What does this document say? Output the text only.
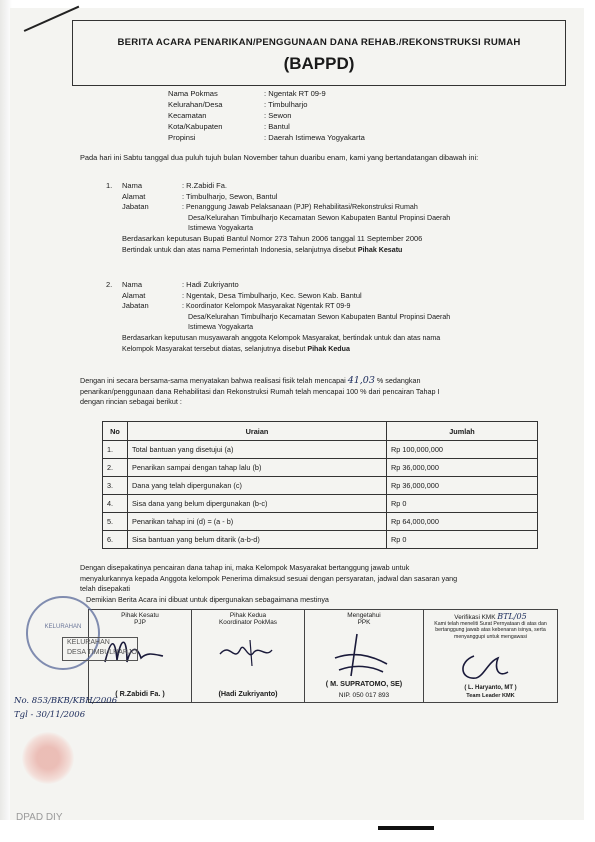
BERITA ACARA PENARIKAN/PENGGUNAAN DANA REHAB./REKONSTRUKSI RUMAH
(BAPPD)
Nama Pokmas	: Ngentak RT 09-9
Kelurahan/Desa	: Timbulharjo
Kecamatan	: Sewon
Kota/Kabupaten	: Bantul
Propinsi	: Daerah Istimewa Yogyakarta
Pada hari ini Sabtu tanggal dua puluh tujuh bulan November tahun duaribu enam, kami yang bertandatangan dibawah ini:
1.	Nama	: R.Zabidi Fa.
Alamat	: Timbulharjo, Sewon, Bantul
Jabatan	: Penanggung Jawab Pelaksanaan (PJP) Rehabilitasi/Rekonstruksi Rumah
Desa/Kelurahan Timbulharjo Kecamatan Sewon Kabupaten Bantul Propinsi Daerah
Istimewa Yogyakarta
Berdasarkan keputusan Bupati Bantul Nomor 273 Tahun 2006 tanggal 11 September 2006
Bertindak untuk dan atas nama Pemerintah Indonesia, selanjutnya disebut
Pihak Kesatu
2.	Nama	: Hadi Zukriyanto
Alamat	: Ngentak, Desa Timbulharjo, Kec. Sewon Kab. Bantul
Jabatan	: Koordinator Kelompok Masyarakat Ngentak RT 09-9
Desa/Kelurahan Timbulharjo Kecamatan Sewon Kabupaten Bantul Propinsi Daerah
Istimewa Yogyakarta
Berdasarkan keputusan musyawarah anggota Kelompok Masyarakat, bertindak untuk dan atas nama
Kelompok Masyarakat tersebut diatas, selanjutnya disebut
Pihak Kedua
Dengan ini secara bersama-sama menyatakan bahwa realisasi fisik telah mencapai 41,03 % sedangkan
penarikan/penggunaan dana Rehabilitasi dan Rekonstruksi Rumah telah mencapai 100 % dari pencairan Tahap I
dengan rincian sebagai berikut :
No	Uraian	Jumlah
1.	Total bantuan yang disetujui (a)	Rp 100,000,000
2.	Penarikan sampai dengan tahap lalu (b)	Rp 36,000,000
3.	Dana yang telah dipergunakan (c)	Rp 36,000,000
4.	Sisa dana yang belum dipergunakan (b-c)	Rp 0
5.	Penarikan tahap ini (d) = (a - b)	Rp 64,000,000
6.	Sisa bantuan yang belum ditarik (a-b-d)	Rp 0
Dengan disepakatinya pencairan dana tahap ini, maka Kelompok Masyarakat bertanggung jawab untuk
menyalurkannya kepada Anggota kelompok Penerima dimaksud sesuai dengan persyaratan, jadwal dan sasaran yang
telah disepakati
Demikian Berita Acara ini dibuat untuk dipergunakan sebagaimana mestinya
Pihak Kesatu
PJP
( R.Zabidi Fa. )

Pihak Kedua
Koordinator PokMas
(Hadi Zukriyanto)

Mengetahui
PPK
( M. SUPRATOMO, SE)
NIP. 050 017 893

Verifikasi KMK BTL/05
Kami telah meneliti Surat Pernyataan di atas dan bertanggung jawab atas kebenaran isinya, serta menyanggupi untuk mengawasi
( L. Haryanto, MT )
Team Leader KMK
KELURAHAN
KELURAHAN
DESA TIMBULHARJO
No. 853/BKB/KBH/2006
Tgl - 30/11/2006
DPAD DIY
